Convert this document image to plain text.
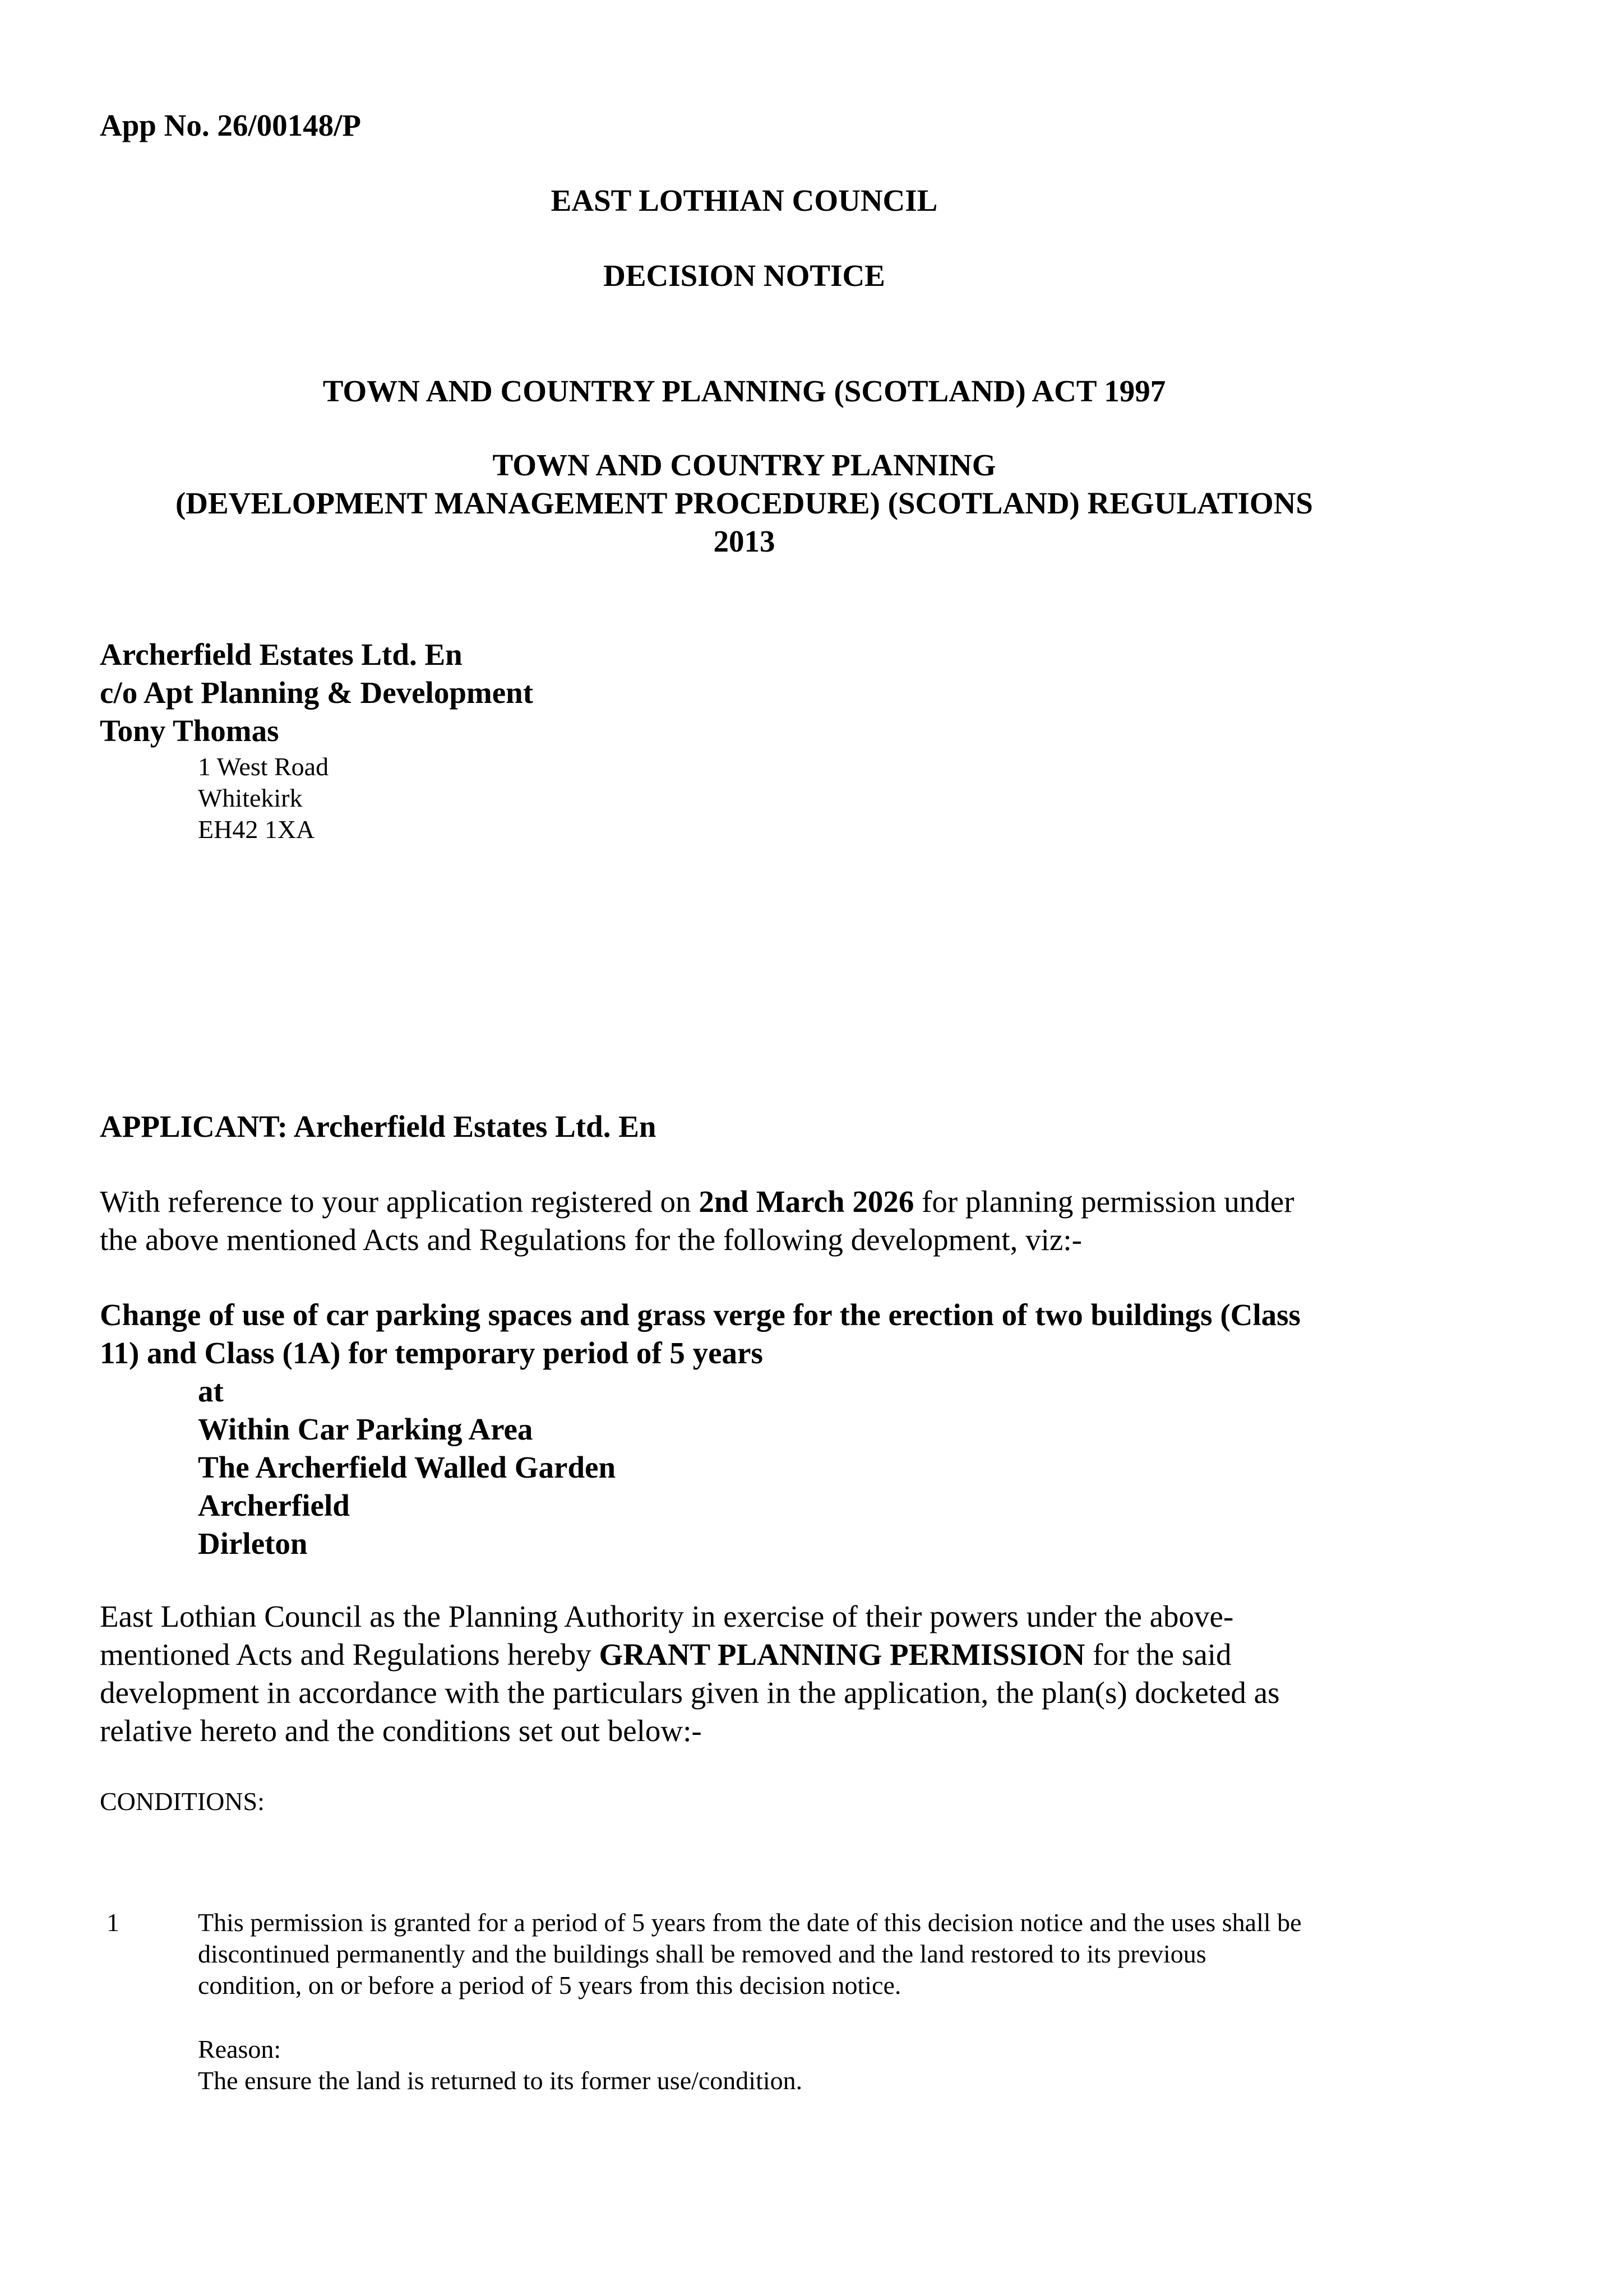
App No. 26/00148/P

EAST LOTHIAN COUNCIL

DECISION NOTICE

TOWN AND COUNTRY PLANNING (SCOTLAND) ACT 1997

TOWN AND COUNTRY PLANNING
(DEVELOPMENT MANAGEMENT PROCEDURE) (SCOTLAND) REGULATIONS
2013
Archerfield Estates Ltd. En
c/o Apt Planning & Development
Tony Thomas
1 West Road
Whitekirk
EH42 1XA

APPLICANT: Archerfield Estates Ltd. En

With reference to your application registered on 2nd March 2026 for planning permission under
the above mentioned Acts and Regulations for the following development, viz:-
Change of use of car parking spaces and grass verge for the erection of two buildings (Class
11) and Class (1A) for temporary period of 5 years
at
Within Car Parking Area
The Archerfield Walled Garden
Archerfield
Dirleton
East Lothian Council as the Planning Authority in exercise of their powers under the above-
mentioned Acts and Regulations hereby GRANT PLANNING PERMISSION for the said
development in accordance with the particulars given in the application, the plan(s) docketed as
relative hereto and the conditions set out below:-

CONDITIONS:

1	This permission is granted for a period of 5 years from the date of this decision notice and the uses shall be
discontinued permanently and the buildings shall be removed and the land restored to its previous
condition, on or before a period of 5 years from this decision notice.
Reason:
The ensure the land is returned to its former use/condition.
